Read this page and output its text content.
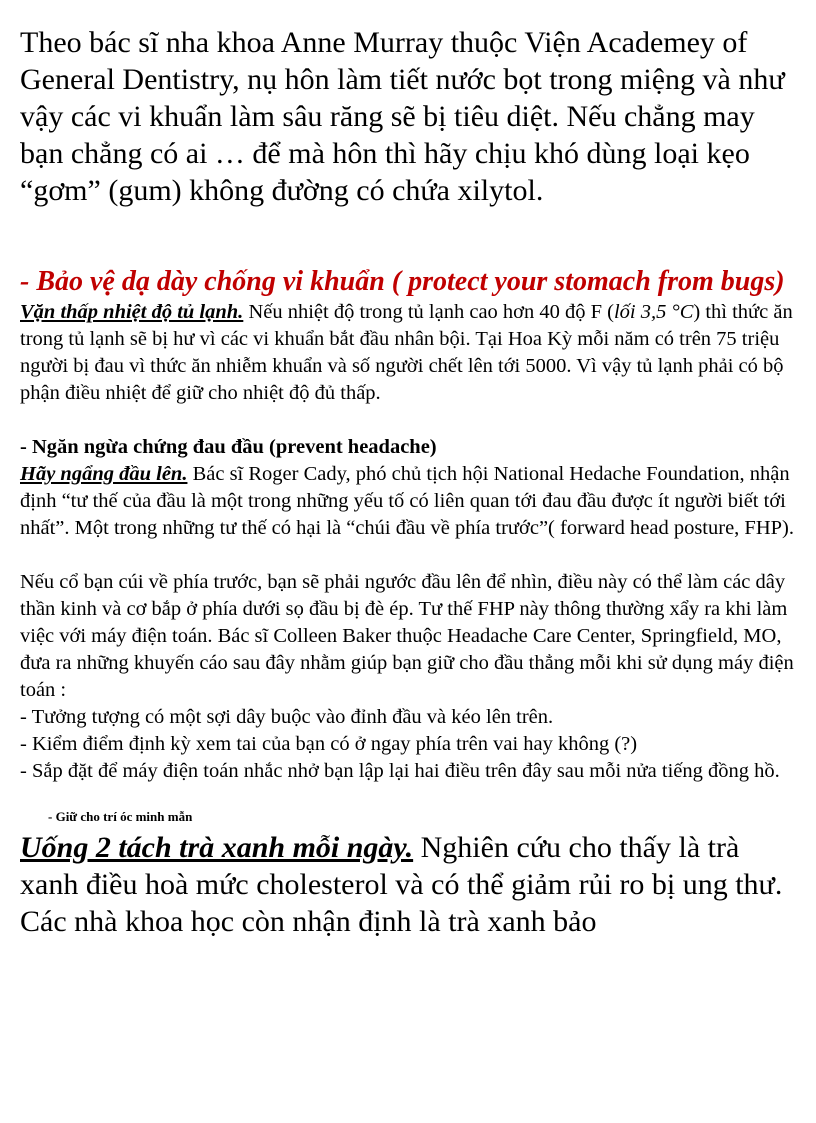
Theo bác sĩ nha khoa Anne Murray thuộc Viện Academey of General Dentistry, nụ hôn làm tiết nước bọt trong miệng và như vậy các vi khuẩn làm sâu răng sẽ bị tiêu diệt. Nếu chẳng may bạn chẳng có ai … để mà hôn thì hãy chịu khó dùng loại kẹo “gơm” (gum) không đường có chứa xilytol.

- Bảo vệ dạ dày chống vi khuẩn ( protect your stomach from bugs)

Vặn thấp nhiệt độ tủ lạnh. Nếu nhiệt độ trong tủ lạnh cao hơn 40 độ F (lối 3,5 °C) thì thức ăn trong tủ lạnh sẽ bị hư vì các vi khuẩn bắt đầu nhân bội. Tại Hoa Kỳ mỗi năm có trên 75 triệu người bị đau vì thức ăn nhiễm khuẩn và số người chết lên tới 5000. Vì vậy tủ lạnh phải có bộ phận điều nhiệt để giữ cho nhiệt độ đủ thấp.

- Ngăn ngừa chứng đau đầu (prevent headache)

Hãy ngẩng đầu lên. Bác sĩ Roger Cady, phó chủ tịch hội National Hedache Foundation, nhận định “tư thế của đầu là một trong những yếu tố có liên quan tới đau đầu được ít người biết tới nhất”. Một trong những tư thế có hại là “chúi đầu về phía trước”( forward head posture, FHP).

Nếu cổ bạn cúi về phía trước, bạn sẽ phải ngước đầu lên để nhìn, điều này có thể làm các dây thần kinh và cơ bắp ở phía dưới sọ đầu bị đè ép. Tư thế FHP này thông thường xẩy ra khi làm việc với máy điện toán. Bác sĩ Colleen Baker thuộc Headache Care Center, Springfield, MO, đưa ra những khuyến cáo sau đây nhằm giúp bạn giữ cho đầu thẳng mỗi khi sử dụng máy điện toán :

- Tưởng tượng có một sợi dây buộc vào đỉnh đầu và kéo lên trên.

- Kiểm điểm định kỳ xem tai của bạn có ở ngay phía trên vai hay không (?)

- Sắp đặt để máy điện toán nhắc nhở bạn lập lại hai điều trên đây sau mỗi nửa tiếng đồng hồ.

- Giữ cho trí óc minh mẫn

Uống 2 tách trà xanh mỗi ngày. Nghiên cứu cho thấy là trà xanh điều hoà mức cholesterol và có thể giảm rủi ro bị ung thư. Các nhà khoa học còn nhận định là trà xanh bảo
